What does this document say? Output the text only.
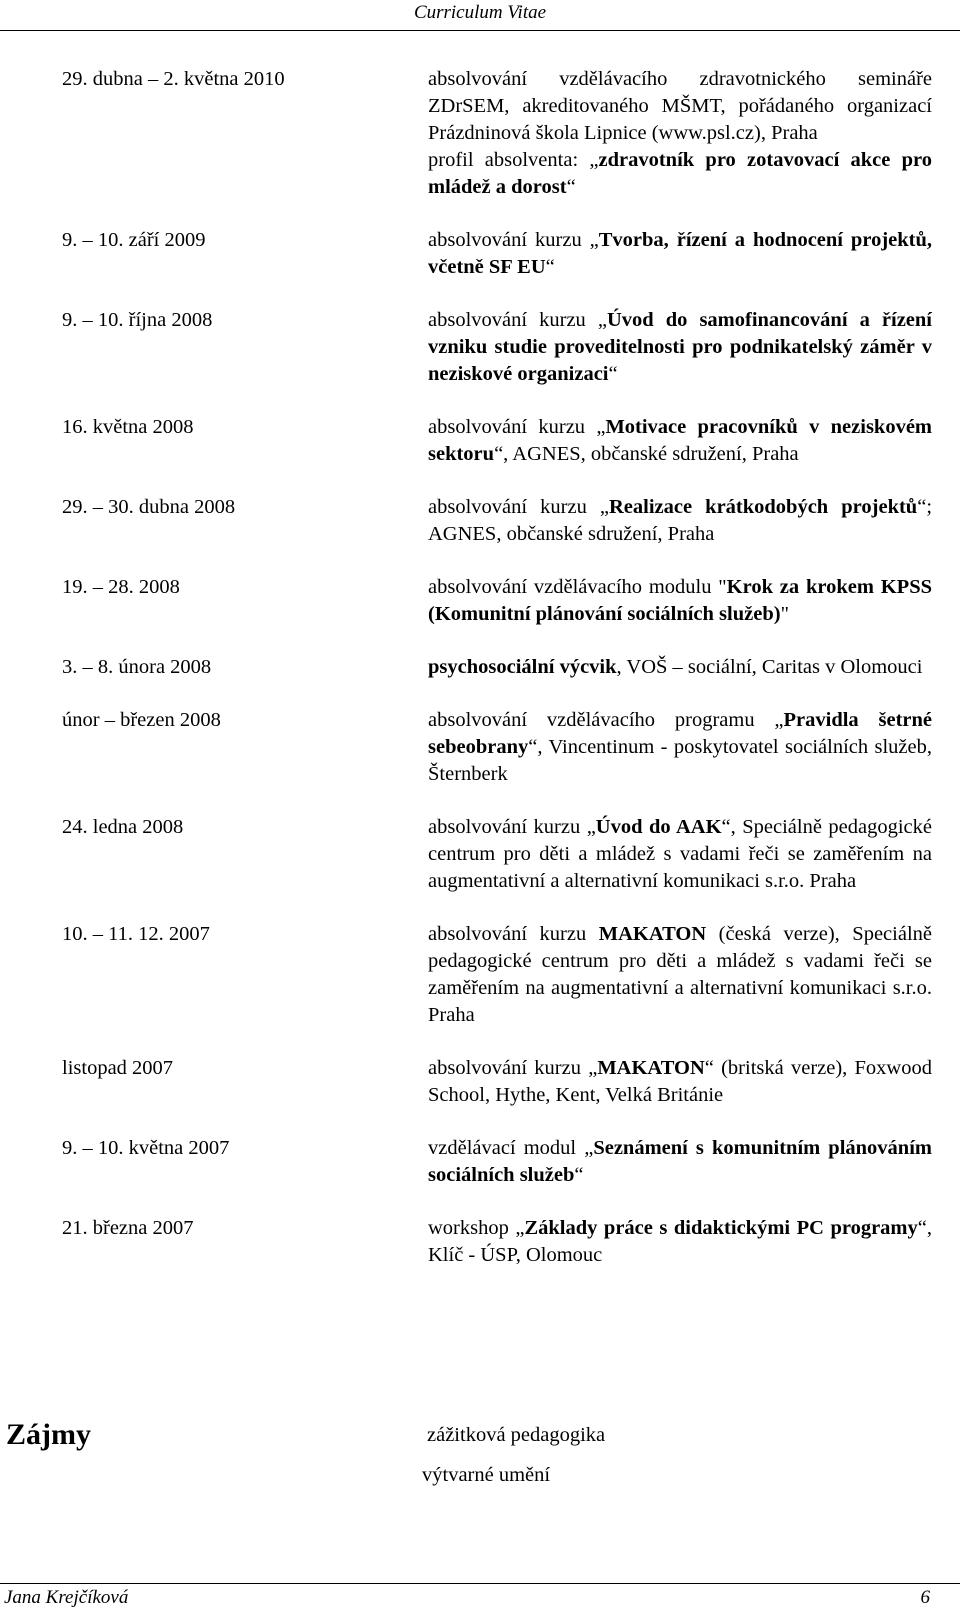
Curriculum Vitae
29. dubna – 2. května 2010	absolvování vzdělávacího zdravotnického semináře ZDrSEM, akreditovaného MŠMT, pořádaného organizací Prázdninová škola Lipnice (www.psl.cz), Praha
profil absolventa: „zdravotník pro zotavovací akce pro mládež a dorost“
9. – 10. září 2009	absolvování kurzu „Tvorba, řízení a hodnocení projektů, včetně SF EU“
9. – 10. října 2008	absolvování kurzu „Úvod do samofinancování a řízení vzniku studie proveditelnosti pro podnikatelský záměr v neziskové organizaci“
16. května 2008	absolvování kurzu „Motivace pracovníků v neziskovém sektoru“, AGNES, občanské sdružení, Praha
29. – 30. dubna 2008	absolvování kurzu „Realizace krátkodobých projektů“; AGNES, občanské sdružení, Praha
19. – 28. 2008	absolvování vzdělávacího modulu "Krok za krokem KPSS (Komunitní plánování sociálních služeb)"
3. – 8. února 2008	psychosociální výcvik, VOŠ – sociální, Caritas v Olomouci
únor – březen 2008	absolvování vzdělávacího programu „Pravidla šetrné sebeobrany“, Vincentinum - poskytovatel sociálních služeb, Šternberk
24. ledna 2008	absolvování kurzu „Úvod do AAK“, Speciálně pedagogické centrum pro děti a mládež s vadami řeči se zaměřením na augmentativní a alternativní komunikaci s.r.o. Praha
10. – 11. 12. 2007	absolvování kurzu MAKATON (česká verze), Speciálně pedagogické centrum pro děti a mládež s vadami řeči se zaměřením na augmentativní a alternativní komunikaci s.r.o. Praha
listopad 2007	absolvování kurzu „MAKATON“ (britská verze), Foxwood School, Hythe, Kent, Velká Británie
9. – 10. května 2007	vzdělávací modul „Seznámení s komunitním plánováním sociálních služeb“
21. března 2007	workshop „Základy práce s didaktickými PC programy“, Klíč - ÚSP, Olomouc
Zájmy	zážitková pedagogika
výtvarné umění
Jana Krejčíková	6
